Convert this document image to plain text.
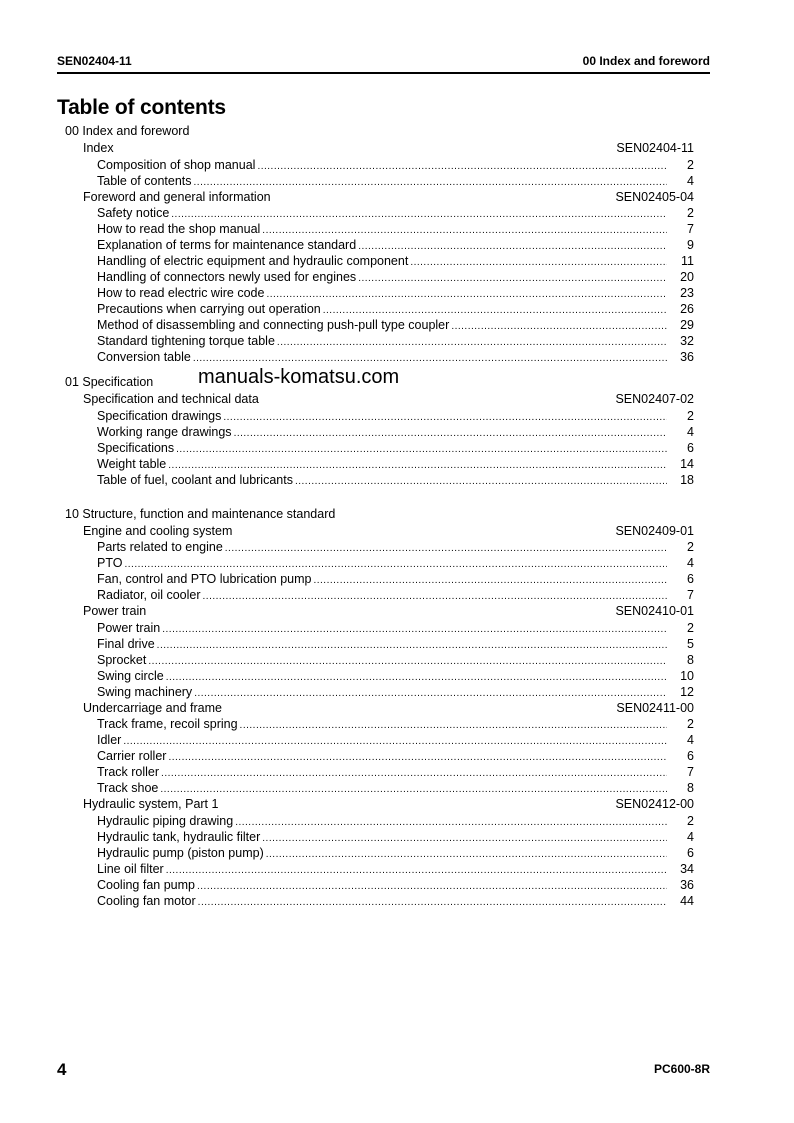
SEN02404-11	00 Index and foreword
Table of contents
00 Index and foreword
Index	SEN02404-11
Composition of shop manual .....	2
Table of contents .....	4
Foreword and general information	SEN02405-04
Safety notice .....	2
How to read the shop manual .....	7
Explanation of terms for maintenance standard .....	9
Handling of electric equipment and hydraulic component .....	11
Handling of connectors newly used for engines .....	20
How to read electric wire code .....	23
Precautions when carrying out operation .....	26
Method of disassembling and connecting push-pull type coupler .....	29
Standard tightening torque table .....	32
Conversion table .....	36
01 Specification
Specification and technical data	SEN02407-02
Specification drawings .....	2
Working range drawings .....	4
Specifications .....	6
Weight table .....	14
Table of fuel, coolant and lubricants .....	18
10 Structure, function and maintenance standard
Engine and cooling system	SEN02409-01
Parts related to engine .....	2
PTO .....	4
Fan, control and PTO lubrication pump .....	6
Radiator, oil cooler .....	7
Power train	SEN02410-01
Power train .....	2
Final drive .....	5
Sprocket .....	8
Swing circle .....	10
Swing machinery .....	12
Undercarriage and frame	SEN02411-00
Track frame, recoil spring .....	2
Idler .....	4
Carrier roller .....	6
Track roller .....	7
Track shoe .....	8
Hydraulic system, Part 1	SEN02412-00
Hydraulic piping drawing .....	2
Hydraulic tank, hydraulic filter .....	4
Hydraulic pump (piston pump) .....	6
Line oil filter .....	34
Cooling fan pump .....	36
Cooling fan motor .....	44
manuals-komatsu.com
4	PC600-8R
